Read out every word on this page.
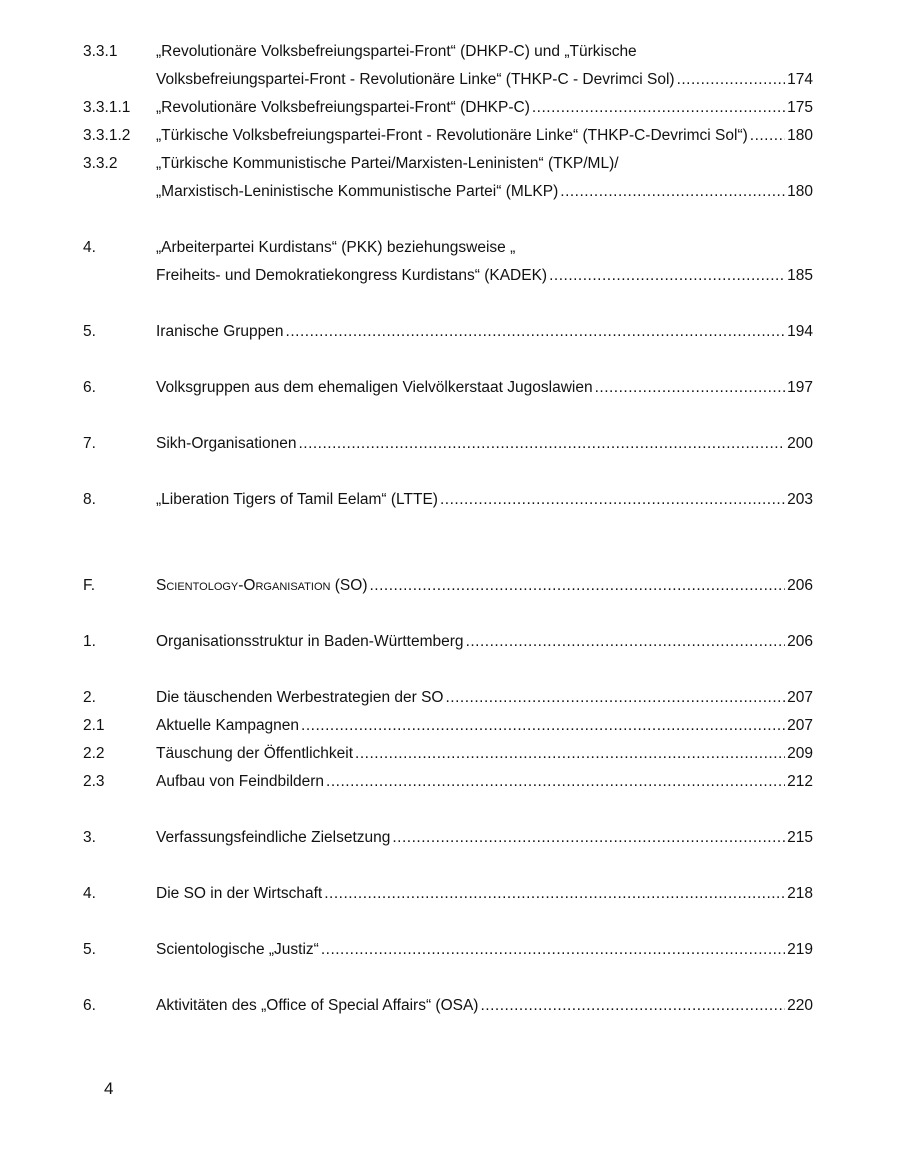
3.3.1 „Revolutionäre Volksbefreiungspartei-Front“ (DHKP-C) und „Türkische
Volksbefreiungspartei-Front - Revolutionäre Linke“ (THKP-C - Devrimci Sol) .....	174
3.3.1.1 „Revolutionäre Volksbefreiungspartei-Front“ (DHKP-C) .....	175
3.3.1.2 „Türkische Volksbefreiungspartei-Front - Revolutionäre Linke“ (THKP-C-Devrimci Sol“) .....	180
3.3.2 „Türkische Kommunistische Partei/Marxisten-Leninisten“ (TKP/ML)/
„Marxistisch-Leninistische Kommunistische Partei“ (MLKP) .....	180
4.	„Arbeiterpartei Kurdistans“ (PKK) beziehungsweise „
Freiheits- und Demokratiekongress Kurdistans“ (KADEK) .....	185
5.	Iranische Gruppen .....	194
6.	Volksgruppen aus dem ehemaligen Vielvölkerstaat Jugoslawien .....	197
7.	Sikh-Organisationen .....	200
8.	„Liberation Tigers of Tamil Eelam“ (LTTE) .....	203
F.	Scientology-Organisation (SO) .....	206
1.	Organisationsstruktur in Baden-Württemberg .....	206
2.	Die täuschenden Werbestrategien der SO .....	207
2.1	Aktuelle Kampagnen .....	207
2.2	Täuschung der Öffentlichkeit .....	209
2.3	Aufbau von Feindbildern .....	212
3.	Verfassungsfeindliche Zielsetzung .....	215
4.	Die SO in der Wirtschaft .....	218
5.	Scientologische „Justiz“ .....	219
6.	Aktivitäten des „Office of Special Affairs“ (OSA) .....	220
4
